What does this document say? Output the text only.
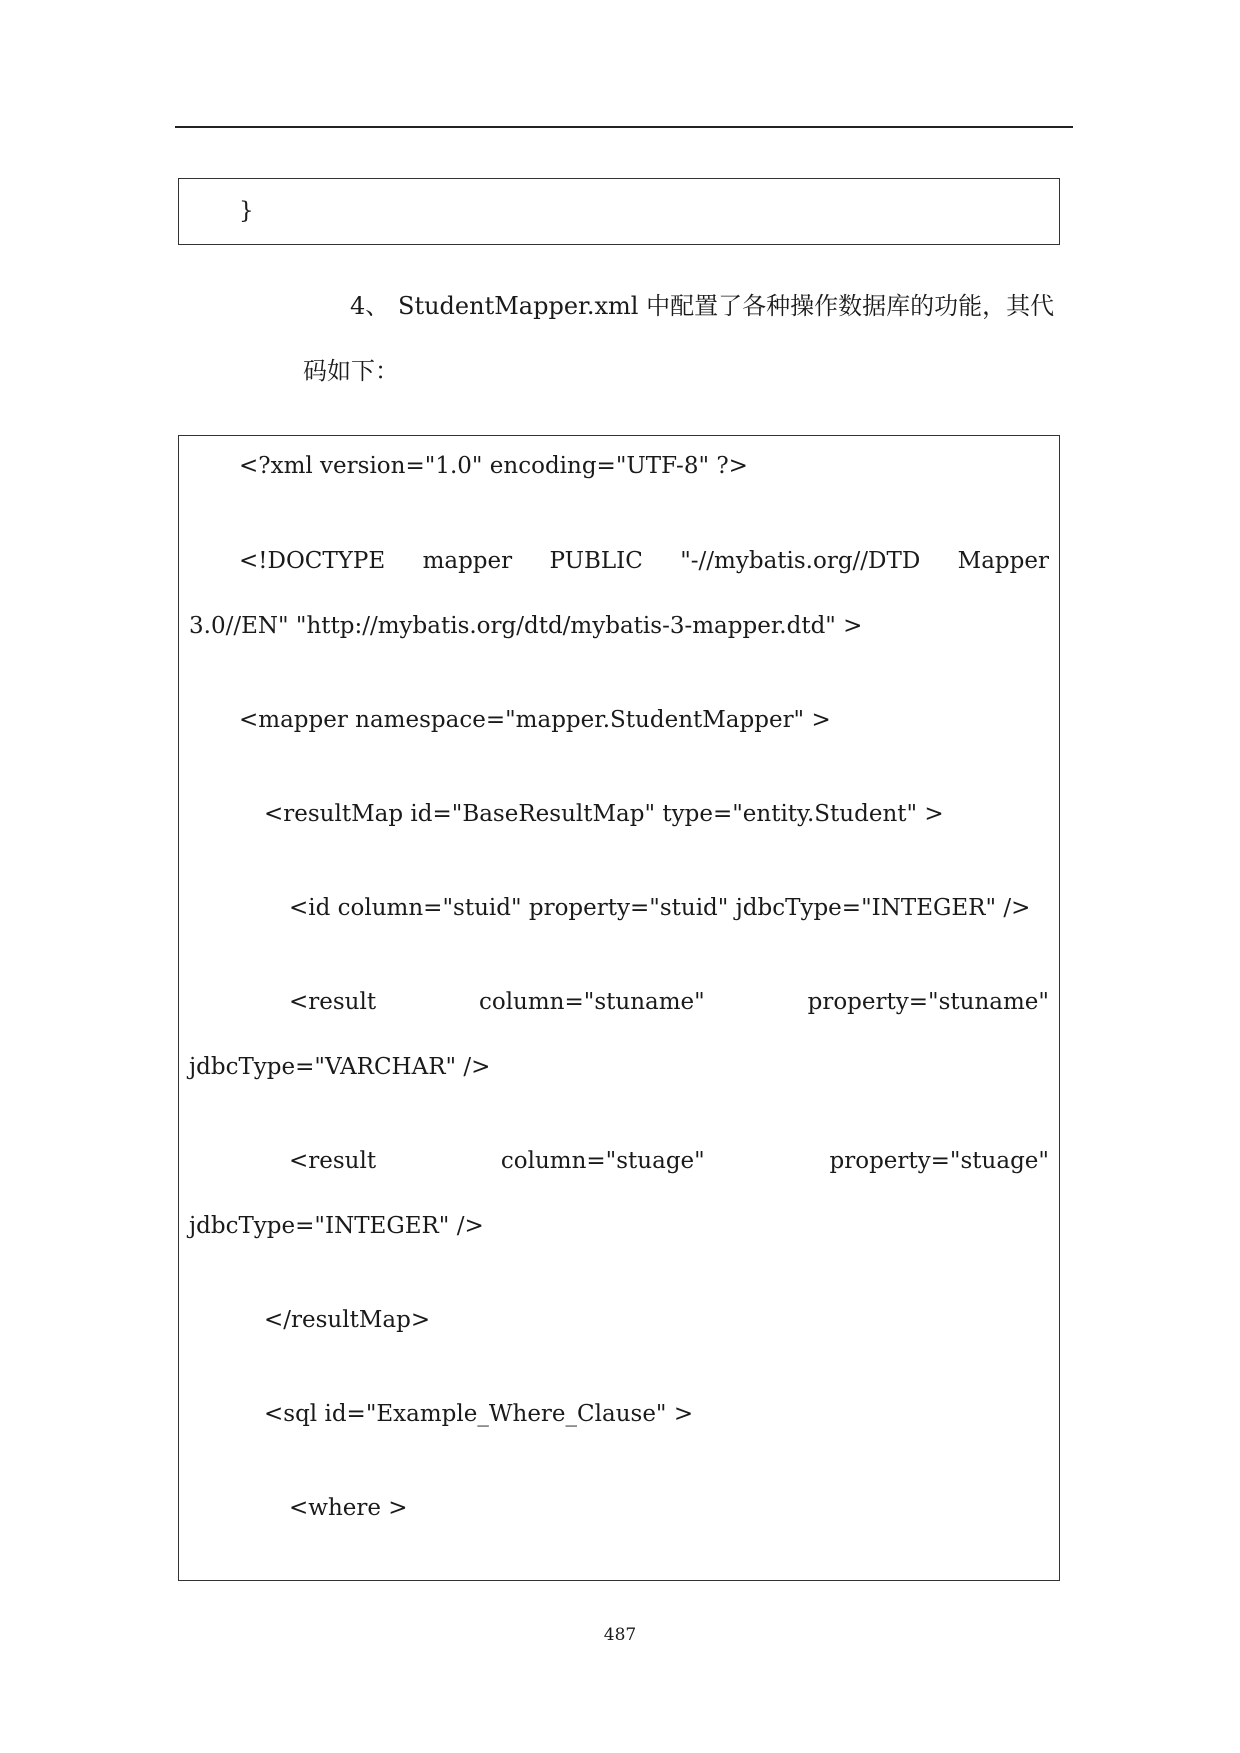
}
4、 StudentMapper.xml 中配置了各种操作数据库的功能，其代
码如下：
<?xml version="1.0" encoding="UTF-8" ?>
<!DOCTYPE mapper PUBLIC "-//mybatis.org//DTD Mapper
3.0//EN" "http://mybatis.org/dtd/mybatis-3-mapper.dtd" >
<mapper namespace="mapper.StudentMapper" >
<resultMap id="BaseResultMap" type="entity.Student" >
<id column="stuid" property="stuid" jdbcType="INTEGER" />
<result	column="stuname"	property="stuname"
jdbcType="VARCHAR" />
<result	column="stuage"	property="stuage"
jdbcType="INTEGER" />
</resultMap>
<sql id="Example_Where_Clause" >
<where >
487
